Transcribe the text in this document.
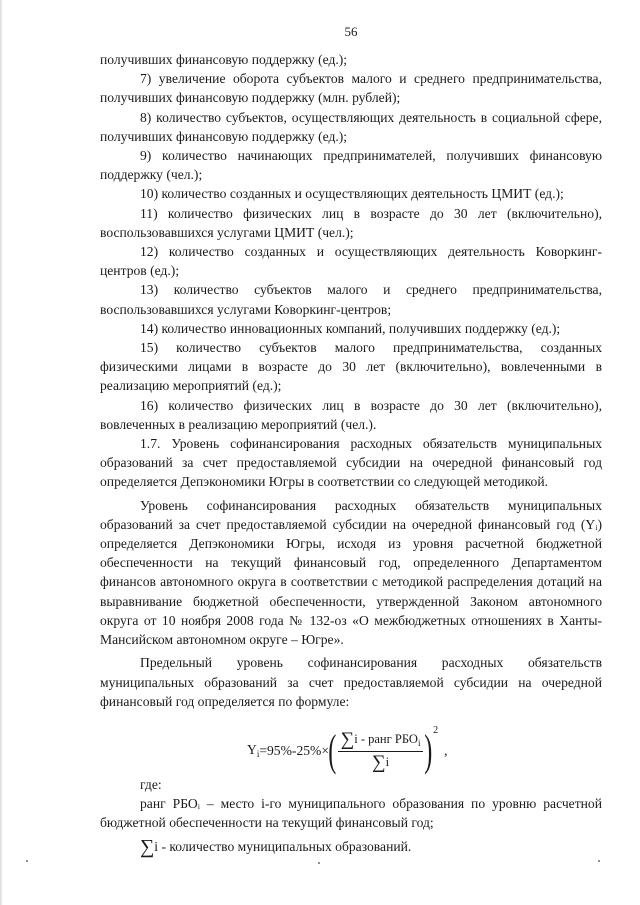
56

получивших финансовую поддержку (ед.);

7) увеличение оборота субъектов малого и среднего предпринимательства, получивших финансовую поддержку (млн. рублей);

8) количество субъектов, осуществляющих деятельность в социальной сфере, получивших финансовую поддержку (ед.);

9) количество начинающих предпринимателей, получивших финансовую поддержку (чел.);

10) количество созданных и осуществляющих деятельность ЦМИТ (ед.);

11) количество физических лиц в возрасте до 30 лет (включительно), воспользовавшихся услугами ЦМИТ (чел.);

12) количество созданных и осуществляющих деятельность Коворкинг-центров (ед.);

13) количество субъектов малого и среднего предпринимательства, воспользовавшихся услугами Коворкинг-центров;

14) количество инновационных компаний, получивших поддержку (ед.);

15) количество субъектов малого предпринимательства, созданных физическими лицами в возрасте до 30 лет (включительно), вовлеченными в реализацию мероприятий (ед.);

16) количество физических лиц в возрасте до 30 лет (включительно), вовлеченных в реализацию мероприятий (чел.).

1.7. Уровень софинансирования расходных обязательств муниципальных образований за счет предоставляемой субсидии на очередной финансовый год определяется Депэкономики Югры в соответствии со следующей методикой.

Уровень софинансирования расходных обязательств муниципальных образований за счет предоставляемой субсидии на очередной финансовый год (Yᵢ) определяется Депэкономики Югры, исходя из уровня расчетной бюджетной обеспеченности на текущий финансовый год, определенного Департаментом финансов автономного округа в соответствии с методикой распределения дотаций на выравнивание бюджетной обеспеченности, утвержденной Законом автономного округа от 10 ноября 2008 года № 132-оз «О межбюджетных отношениях в Ханты-Мансийском автономном округе – Югре».

Предельный уровень софинансирования расходных обязательств муниципальных образований за счет предоставляемой субсидии на очередной финансовый год определяется по формуле:

$Y_i =95\%-25\%\times$ ( $\frac{\sum i - ранг РБО_i}{\sum i}$ ) 2
,

где:

ранг РБОᵢ – место i-го муниципального образования по уровню расчетной бюджетной обеспеченности на текущий финансовый год;

∑i - количество муниципальных образований.
